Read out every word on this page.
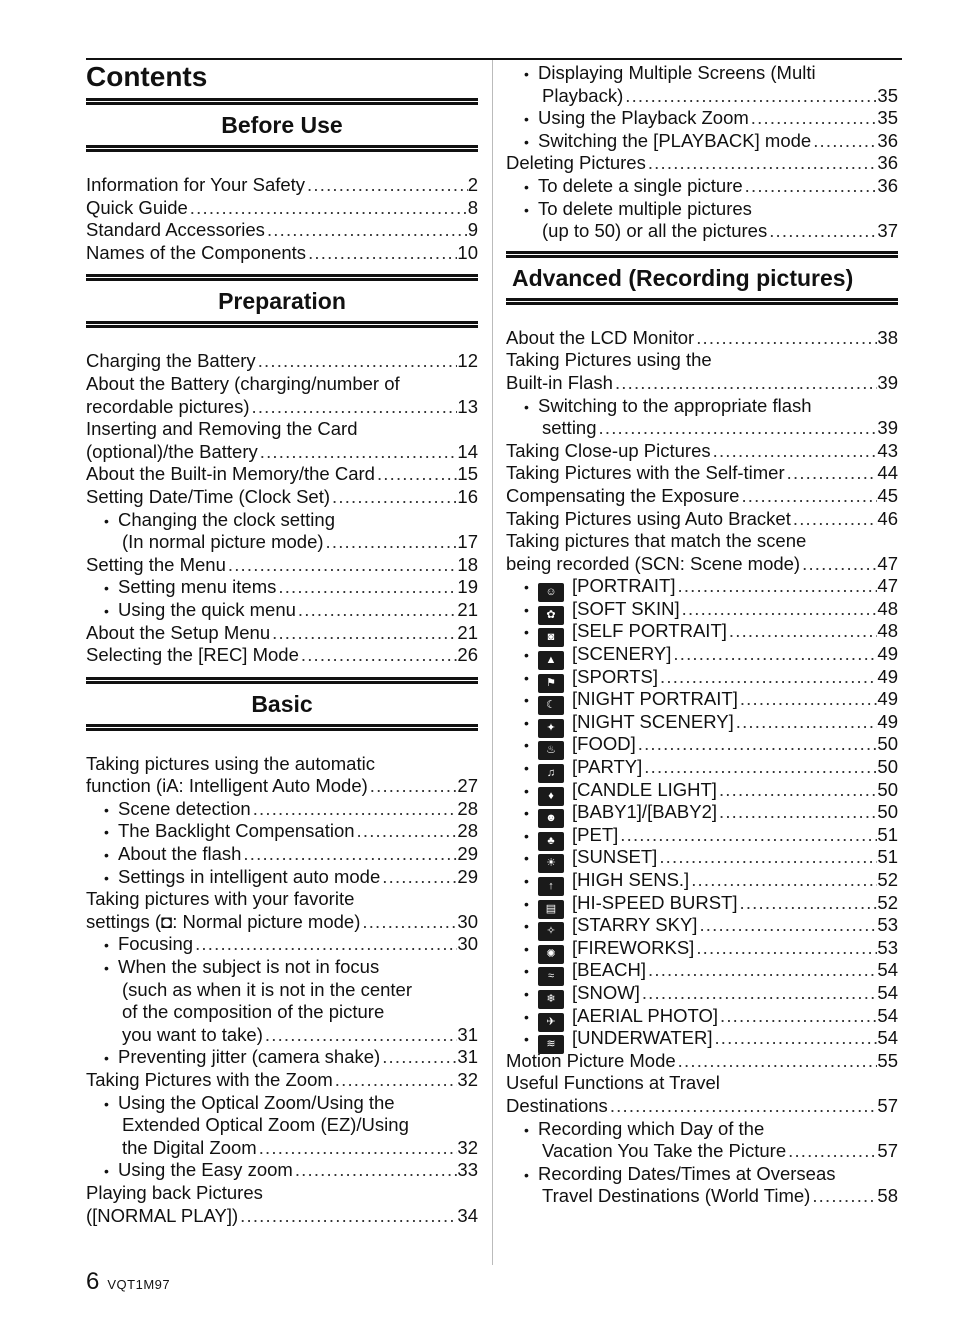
Contents
Before Use
Information for Your Safety .....	2
Quick Guide .....	8
Standard Accessories .....	9
Names of the Components .....	10
Preparation
Charging the Battery .....	12
About the Battery (charging/number of
recordable pictures) .....	13
Inserting and Removing the Card
(optional)/the Battery .....	14
About the Built-in Memory/the Card .....	15
Setting Date/Time (Clock Set) .....	16
• Changing the clock setting
(In normal picture mode) .....	17
Setting the Menu .....	18
• Setting menu items .....	19
• Using the quick menu .....	21
About the Setup Menu .....	21
Selecting the [REC] Mode .....	26
Basic
Taking pictures using the automatic
function (iA: Intelligent Auto Mode) .....	27
• Scene detection .....	28
• The Backlight Compensation .....	28
• About the flash .....	29
• Settings in intelligent auto mode .....	29
Taking pictures with your favorite
settings (◘: Normal picture mode) .....	30
• Focusing .....	30
• When the subject is not in focus
(such as when it is not in the center
of the composition of the picture
you want to take) .....	31
• Preventing jitter (camera shake) .....	31
Taking Pictures with the Zoom .....	32
• Using the Optical Zoom/Using the
Extended Optical Zoom (EZ)/Using
the Digital Zoom .....	32
• Using the Easy zoom .....	33
Playing back Pictures
([NORMAL PLAY]) .....	34
• Displaying Multiple Screens (Multi
Playback) .....	35
• Using the Playback Zoom .....	35
• Switching the [PLAYBACK] mode .....	36
Deleting Pictures .....	36
• To delete a single picture .....	36
• To delete multiple pictures
(up to 50) or all the pictures .....	37
Advanced (Recording pictures)
About the LCD Monitor .....	38
Taking Pictures using the
Built-in Flash .....	39
• Switching to the appropriate flash
setting .....	39
Taking Close-up Pictures .....	43
Taking Pictures with the Self-timer .....	44
Compensating the Exposure .....	45
Taking Pictures using Auto Bracket .....	46
Taking pictures that match the scene
being recorded (SCN: Scene mode) .....	47
• ☺ [PORTRAIT] .....	47
• ✿ [SOFT SKIN] .....	48
• ◙ [SELF PORTRAIT] .....	48
• ▲ [SCENERY] .....	49
• ⚑ [SPORTS] .....	49
• ☾ [NIGHT PORTRAIT] .....	49
• ✦ [NIGHT SCENERY] .....	49
• ♨ [FOOD] .....	50
• ♫ [PARTY] .....	50
• ♦ [CANDLE LIGHT] .....	50
• ☻ [BABY1]/[BABY2] .....	50
• ♣ [PET] .....	51
• ☀ [SUNSET] .....	51
• ↑ [HIGH SENS.] .....	52
• ▤ [HI-SPEED BURST] .....	52
• ✧ [STARRY SKY] .....	53
• ✺ [FIREWORKS] .....	53
• ≈ [BEACH] .....	54
• ❄ [SNOW] .....	54
• ✈ [AERIAL PHOTO] .....	54
• ≋ [UNDERWATER] .....	54
Motion Picture Mode .....	55
Useful Functions at Travel
Destinations .....	57
• Recording which Day of the
Vacation You Take the Picture .....	57
• Recording Dates/Times at Overseas
Travel Destinations (World Time) .....	58
6 VQT1M97
